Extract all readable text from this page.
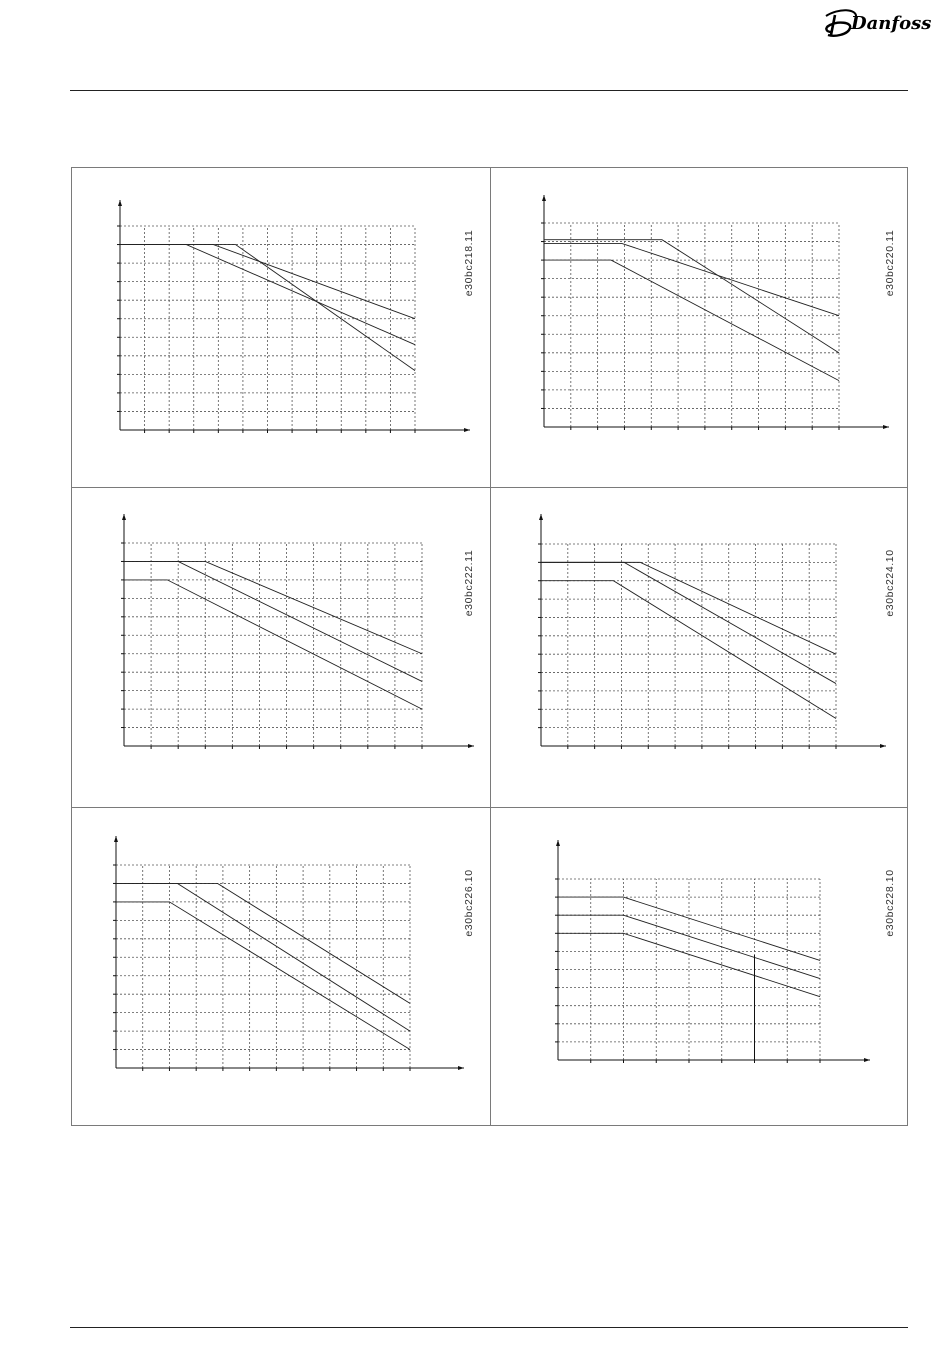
Danfoss
e30bc218.11	e30bc220.11
e30bc222.11	e30bc224.10
e30bc226.10	e30bc228.10
